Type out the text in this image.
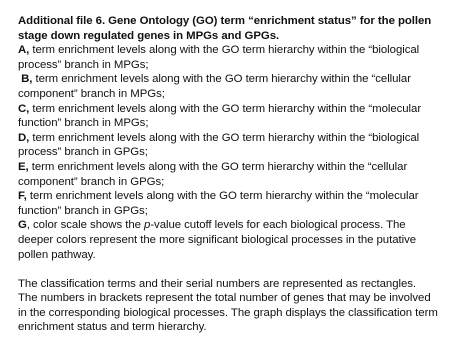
Additional file 6. Gene Ontology (GO) term “enrichment status” for the pollen stage down regulated genes in MPGs and GPGs.

A, term enrichment levels along with the GO term hierarchy within the “biological process” branch in MPGs;

B, term enrichment levels along with the GO term hierarchy within the “cellular component” branch in MPGs;

C, term enrichment levels along with the GO term hierarchy within the “molecular function” branch in MPGs;

D, term enrichment levels along with the GO term hierarchy within the “biological process” branch in GPGs;

E, term enrichment levels along with the GO term hierarchy within the “cellular component” branch in GPGs;

F, term enrichment levels along with the GO term hierarchy within the “molecular function” branch in GPGs;

G, color scale shows the p-value cutoff levels for each biological process. The deeper colors represent the more significant biological processes in the putative pollen pathway.

The classification terms and their serial numbers are represented as rectangles. The numbers in brackets represent the total number of genes that may be involved in the corresponding biological processes. The graph displays the classification term enrichment status and term hierarchy.
